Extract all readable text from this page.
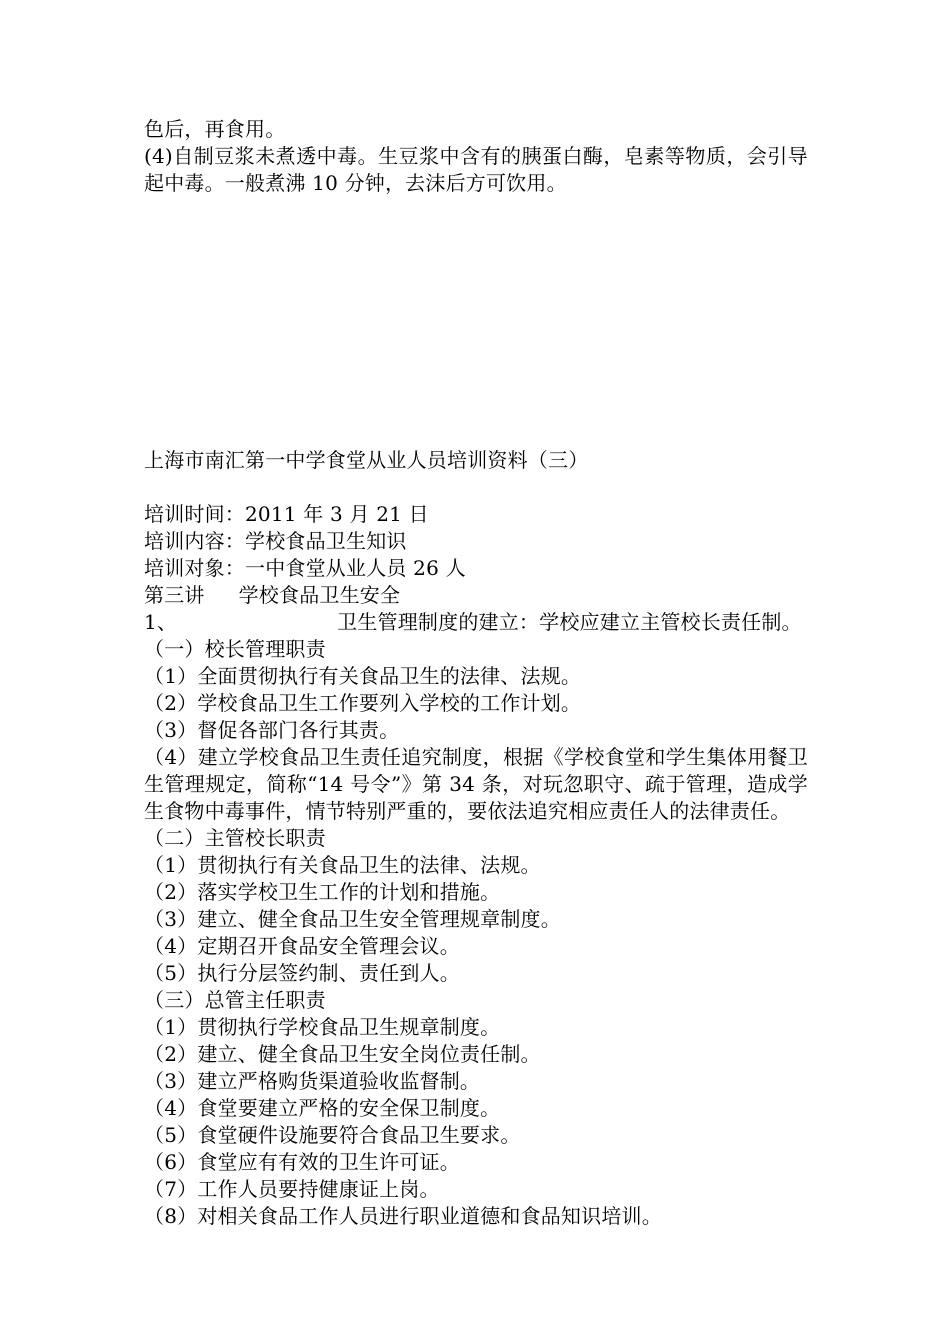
色后，再食用。
(4)自制豆浆未煮透中毒。生豆浆中含有的胰蛋白酶，皂素等物质，会引导起中毒。一般煮沸 10 分钟，去沫后方可饮用。
上海市南汇第一中学食堂从业人员培训资料（三）
培训时间：2011 年 3 月 21 日
培训内容：学校食品卫生知识
培训对象：一中食堂从业人员 26 人
第三讲 学校食品卫生安全
1、	卫生管理制度的建立：学校应建立主管校长责任制。
（一）校长管理职责
（1）全面贯彻执行有关食品卫生的法律、法规。
（2）学校食品卫生工作要列入学校的工作计划。
（3）督促各部门各行其责。
（4）建立学校食品卫生责任追究制度，根据《学校食堂和学生集体用餐卫生管理规定，简称“14 号令”》第 34 条，对玩忽职守、疏于管理，造成学生食物中毒事件，情节特别严重的，要依法追究相应责任人的法律责任。
（二）主管校长职责
（1）贯彻执行有关食品卫生的法律、法规。
（2）落实学校卫生工作的计划和措施。
（3）建立、健全食品卫生安全管理规章制度。
（4）定期召开食品安全管理会议。
（5）执行分层签约制、责任到人。
（三）总管主任职责
（1）贯彻执行学校食品卫生规章制度。
（2）建立、健全食品卫生安全岗位责任制。
（3）建立严格购货渠道验收监督制。
（4）食堂要建立严格的安全保卫制度。
（5）食堂硬件设施要符合食品卫生要求。
（6）食堂应有有效的卫生许可证。
（7）工作人员要持健康证上岗。
（8）对相关食品工作人员进行职业道德和食品知识培训。
